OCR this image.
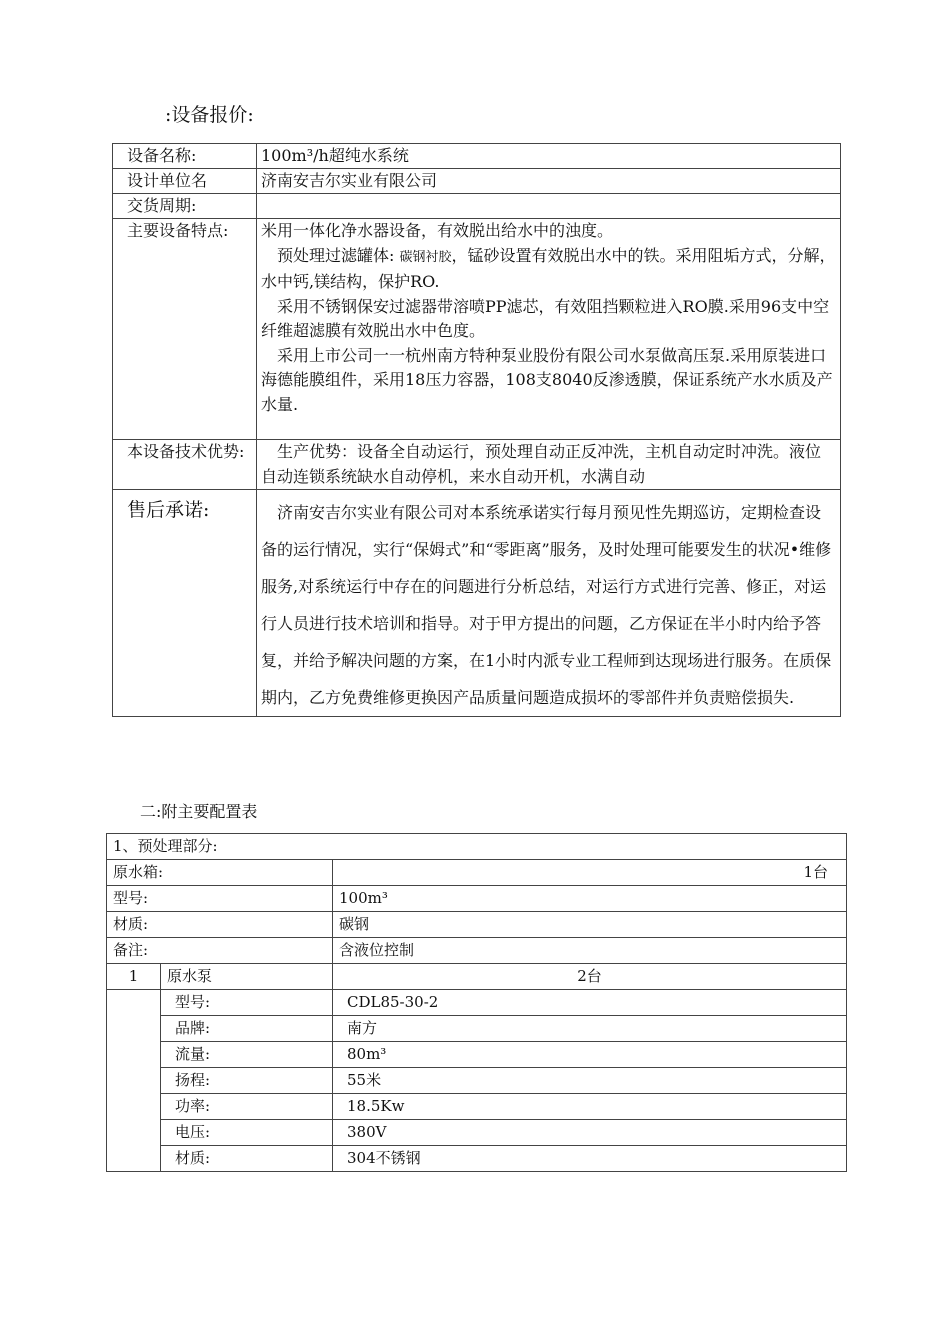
:设备报价:
设备名称:	100m³/h超纯水系统
设计单位名	济南安吉尔实业有限公司
交货周期:	
主要设备特点:	米用一体化净水器设备，有效脱出给水中的浊度。
预处理过滤罐体: 碳钢衬胶，锰砂设置有效脱出水中的铁。采用阻垢方式，分解，水中钙,镁结构，保护RO.
采用不锈钢保安过滤器带溶喷PP滤芯，有效阻挡颗粒进入RO膜.采用96支中空纤维超滤膜有效脱出水中色度。
采用上市公司一一杭州南方特种泵业股份有限公司水泵做高压泵.采用原装进口海德能膜组件，采用18压力容器，108支8040反渗透膜，保证系统产水水质及产水量.

本设备技术优势:	生产优势：设备全自动运行，预处理自动正反冲洗，主机自动定时冲洗。液位自动连锁系统缺水自动停机，来水自动开机，水满自动
售后承诺:	济南安吉尔实业有限公司对本系统承诺实行每月预见性先期巡访，定期检查设备的运行情况，实行“保姆式”和“零距离”服务，及时处理可能要发生的状况•维修服务,对系统运行中存在的问题进行分析总结，对运行方式进行完善、修正，对运行人员进行技术培训和指导。对于甲方提出的问题，乙方保证在半小时内给予答复，并给予解决问题的方案，在1小时内派专业工程师到达现场进行服务。在质保期内，乙方免费维修更换因产品质量问题造成损坏的零部件并负责赔偿损失.
二:附主要配置表
1、预处理部分:		
原水箱:		1台
型号:		100m³
材质:		碳钢
备注:		含液位控制
1	原水泵	2台
	型号:	CDL85-30-2
	品牌:	南方
	流量:	80m³
	扬程:	55米
	功率:	18.5Kw
	电压:	380V
	材质:	304不锈钢
